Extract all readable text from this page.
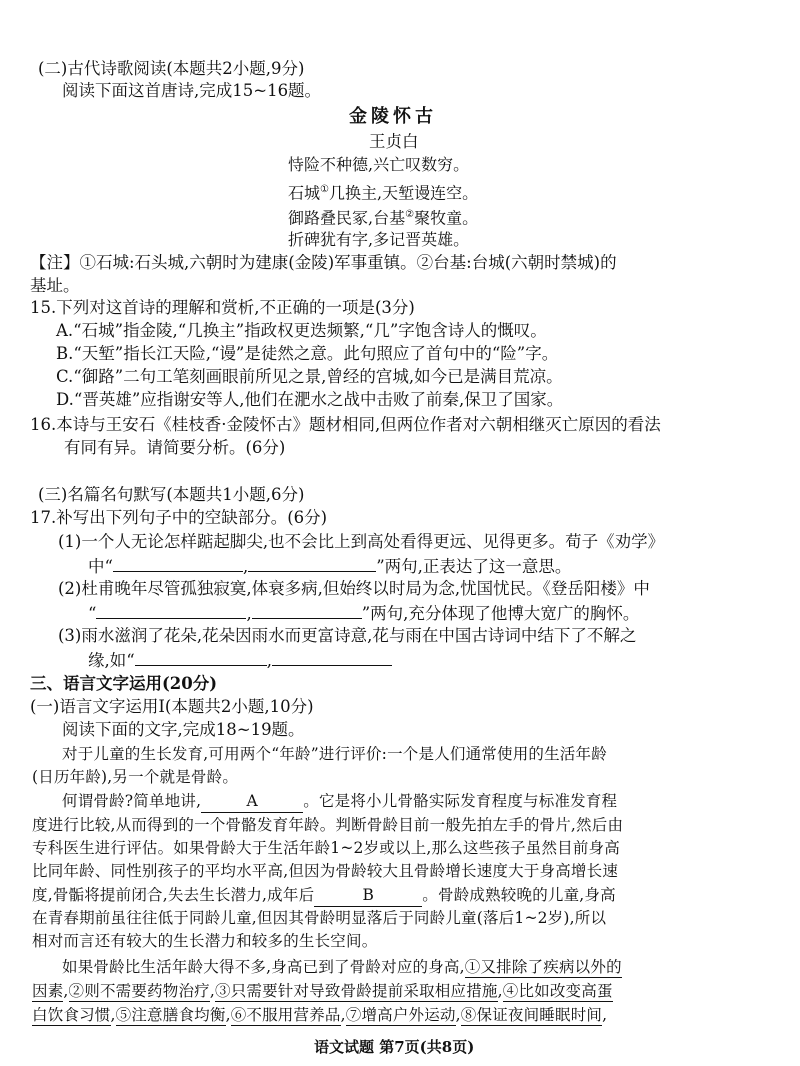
(二)古代诗歌阅读(本题共2小题,9分)
阅读下面这首唐诗,完成15~16题。
金陵怀古
王贞白
恃险不种德,兴亡叹数穷。
石城①几换主,天堑谩连空。
御路叠民冢,台基②聚牧童。
折碑犹有字,多记晋英雄。
【注】①石城:石头城,六朝时为建康(金陵)军事重镇。②台基:台城(六朝时禁城)的
基址。
15.下列对这首诗的理解和赏析,不正确的一项是(3分)
A.“石城”指金陵,“几换主”指政权更迭频繁,“几”字饱含诗人的慨叹。
B.“天堑”指长江天险,“谩”是徒然之意。此句照应了首句中的“险”字。
C.“御路”二句工笔刻画眼前所见之景,曾经的宫城,如今已是满目荒凉。
D.“晋英雄”应指谢安等人,他们在淝水之战中击败了前秦,保卫了国家。
16.本诗与王安石《桂枝香·金陵怀古》题材相同,但两位作者对六朝相继灭亡原因的看法
有同有异。请简要分析。(6分)
(三)名篇名句默写(本题共1小题,6分)
17.补写出下列句子中的空缺部分。(6分)
(1)一个人无论怎样踮起脚尖,也不会比上到高处看得更远、见得更多。荀子《劝学》
中“	,	”两句,正表达了这一意思。
(2)杜甫晚年尽管孤独寂寞,体衰多病,但始终以时局为念,忧国忧民。《登岳阳楼》中
“	,	”两句,充分体现了他博大宽广的胸怀。
(3)雨水滋润了花朵,花朵因雨水而更富诗意,花与雨在中国古诗词中结下了不解之
缘,如“	,
三、语言文字运用(20分)
(一)语言文字运用Ⅰ(本题共2小题,10分)
阅读下面的文字,完成18~19题。
对于儿童的生长发育,可用两个“年龄”进行评价:一个是人们通常使用的生活年龄
(日历年龄),另一个就是骨龄。
何谓骨龄?简单地讲,	A	。它是将小儿骨骼实际发育程度与标准发育程
度进行比较,从而得到的一个骨骼发育年龄。判断骨龄目前一般先拍左手的骨片,然后由
专科医生进行评估。如果骨龄大于生活年龄1~2岁或以上,那么这些孩子虽然目前身高
比同年龄、同性别孩子的平均水平高,但因为骨龄较大且骨龄增长速度大于身高增长速
度,骨骺将提前闭合,失去生长潜力,成年后	B	。骨龄成熟较晚的儿童,身高
在青春期前虽往往低于同龄儿童,但因其骨龄明显落后于同龄儿童(落后1~2岁),所以
相对而言还有较大的生长潜力和较多的生长空间。
如果骨龄比生活年龄大得不多,身高已到了骨龄对应的身高,①又排除了疾病以外的
因素,②则不需要药物治疗,③只需要针对导致骨龄提前采取相应措施,④比如改变高蛋
白饮食习惯,⑤注意膳食均衡,⑥不服用营养品,⑦增高户外运动,⑧保证夜间睡眠时间,
语文试题 第7页(共8页)
